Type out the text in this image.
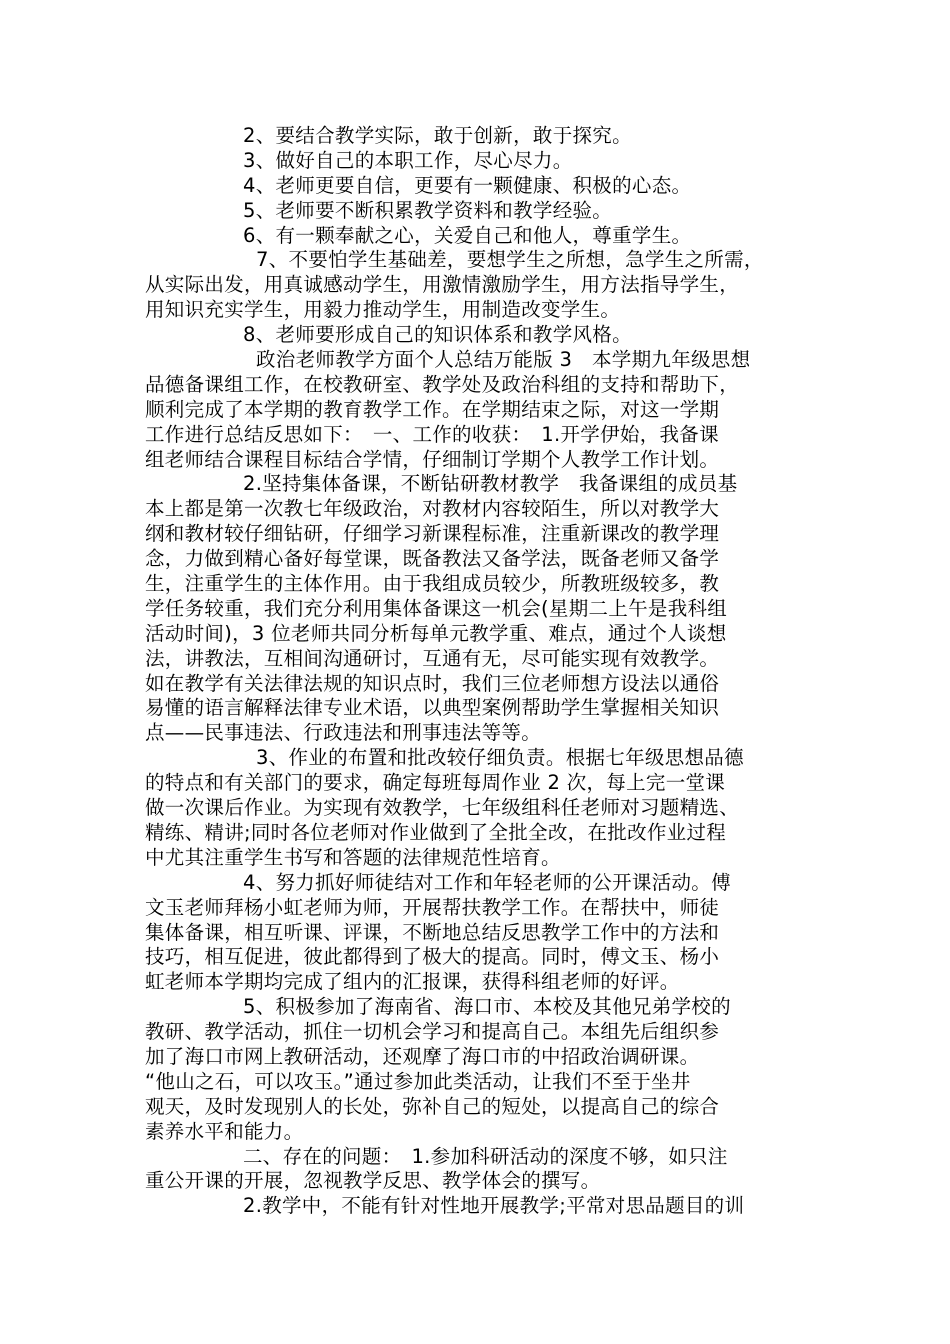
2、要结合教学实际，敢于创新，敢于探究。
3、做好自己的本职工作，尽心尽力。
4、老师更要自信，更要有一颗健康、积极的心态。
5、老师要不断积累教学资料和教学经验。
6、有一颗奉献之心，关爱自己和他人，尊重学生。
7、不要怕学生基础差，要想学生之所想，急学生之所需，
从实际出发，用真诚感动学生，用激情激励学生，用方法指导学生，
用知识充实学生，用毅力推动学生，用制造改变学生。
8、老师要形成自己的知识体系和教学风格。
政治老师教学方面个人总结万能版 3　本学期九年级思想
品德备课组工作，在校教研室、教学处及政治科组的支持和帮助下，
顺利完成了本学期的教育教学工作。在学期结束之际，对这一学期
工作进行总结反思如下：　一、工作的收获：　1.开学伊始，我备课
组老师结合课程目标结合学情，仔细制订学期个人教学工作计划。
2.坚持集体备课，不断钻研教材教学　我备课组的成员基
本上都是第一次教七年级政治，对教材内容较陌生，所以对教学大
纲和教材较仔细钻研，仔细学习新课程标准，注重新课改的教学理
念，力做到精心备好每堂课，既备教法又备学法，既备老师又备学
生，注重学生的主体作用。由于我组成员较少，所教班级较多，教
学任务较重，我们充分利用集体备课这一机会(星期二上午是我科组
活动时间)，3 位老师共同分析每单元教学重、难点，通过个人谈想
法，讲教法，互相间沟通研讨，互通有无，尽可能实现有效教学。
如在教学有关法律法规的知识点时，我们三位老师想方设法以通俗
易懂的语言解释法律专业术语，以典型案例帮助学生掌握相关知识
点——民事违法、行政违法和刑事违法等等。
3、作业的布置和批改较仔细负责。根据七年级思想品德
的特点和有关部门的要求，确定每班每周作业 2 次，每上完一堂课
做一次课后作业。为实现有效教学，七年级组科任老师对习题精选、
精练、精讲;同时各位老师对作业做到了全批全改，在批改作业过程
中尤其注重学生书写和答题的法律规范性培育。
4、努力抓好师徒结对工作和年轻老师的公开课活动。傅
文玉老师拜杨小虹老师为师，开展帮扶教学工作。在帮扶中，师徒
集体备课，相互听课、评课，不断地总结反思教学工作中的方法和
技巧，相互促进，彼此都得到了极大的提高。同时，傅文玉、杨小
虹老师本学期均完成了组内的汇报课，获得科组老师的好评。
5、积极参加了海南省、海口市、本校及其他兄弟学校的
教研、教学活动，抓住一切机会学习和提高自己。本组先后组织参
加了海口市网上教研活动，还观摩了海口市的中招政治调研课。
“他山之石，可以攻玉。”通过参加此类活动，让我们不至于坐井
观天，及时发现别人的长处，弥补自己的短处，以提高自己的综合
素养水平和能力。
二、存在的问题：　1.参加科研活动的深度不够，如只注
重公开课的开展，忽视教学反思、教学体会的撰写。
2.教学中，不能有针对性地开展教学;平常对思品题目的训
